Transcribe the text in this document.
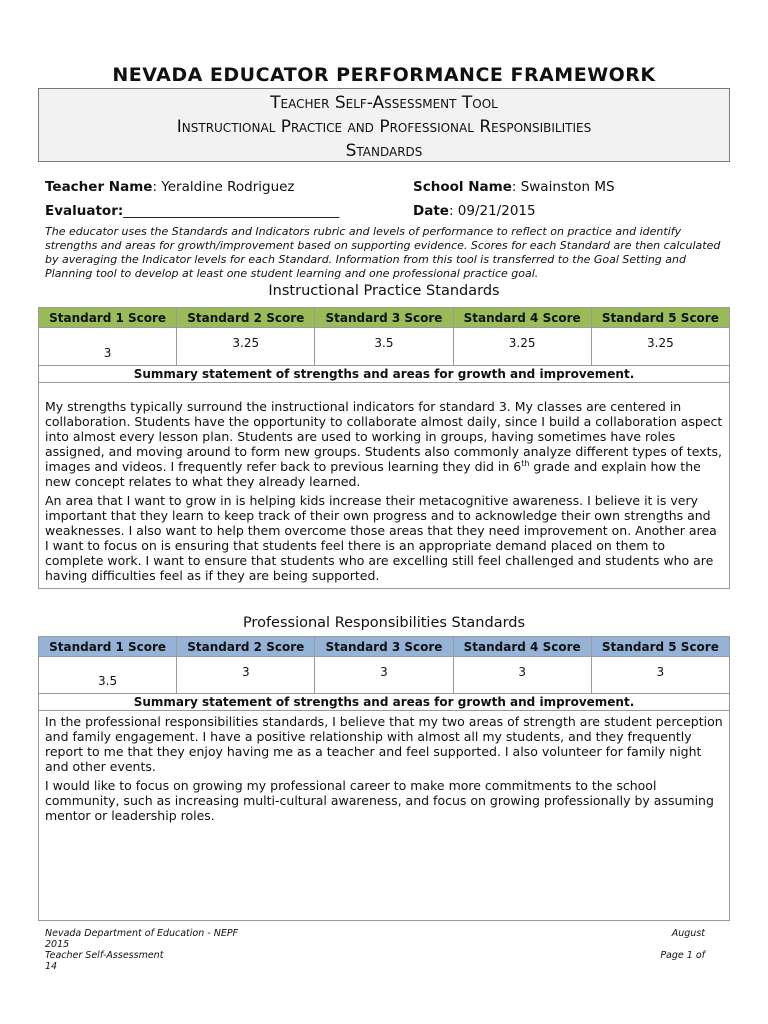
NEVADA EDUCATOR PERFORMANCE FRAMEWORK
Teacher Self-Assessment Tool
Instructional Practice and Professional Responsibilities
Standards
Teacher Name: Yeraldine Rodriguez	School Name: Swainston MS
Evaluator:________________________________	Date: 09/21/2015
The educator uses the Standards and Indicators rubric and levels of performance to reflect on practice and identify strengths and areas for growth/improvement based on supporting evidence. Scores for each Standard are then calculated by averaging the Indicator levels for each Standard. Information from this tool is transferred to the Goal Setting and Planning tool to develop at least one student learning and one professional practice goal.
Instructional Practice Standards
Standard 1 Score	Standard 2 Score	Standard 3 Score	Standard 4 Score	Standard 5 Score
3	3.25	3.5	3.25	3.25
Summary statement of strengths and areas for growth and improvement.				

My strengths typically surround the instructional indicators for standard 3. My classes are centered in collaboration. Students have the opportunity to collaborate almost daily, since I build a collaboration aspect into almost every lesson plan. Students are used to working in groups, having sometimes have roles assigned, and moving around to form new groups. Students also commonly analyze different types of texts, images and videos. I frequently refer back to previous learning they did in 6th grade and explain how the new concept relates to what they already learned.

An area that I want to grow in is helping kids increase their metacognitive awareness. I believe it is very important that they learn to keep track of their own progress and to acknowledge their own strengths and weaknesses. I also want to help them overcome those areas that they need improvement on. Another area I want to focus on is ensuring that students feel there is an appropriate demand placed on them to complete work. I want to ensure that students who are excelling still feel challenged and students who are having difficulties feel as if they are being supported.

Professional Responsibilities Standards
Standard 1 Score	Standard 2 Score	Standard 3 Score	Standard 4 Score	Standard 5 Score
3.5	3	3	3	3
Summary statement of strengths and areas for growth and improvement.				

In the professional responsibilities standards, I believe that my two areas of strength are student perception and family engagement. I have a positive relationship with almost all my students, and they frequently report to me that they enjoy having me as a teacher and feel supported. I also volunteer for family night and other events.

I would like to focus on growing my professional career to make more commitments to the school community, such as increasing multi-cultural awareness, and focus on growing professionally by assuming mentor or leadership roles.

Nevada Department of Education - NEPF
2015
Teacher Self-Assessment
14
August
Page 1 of
